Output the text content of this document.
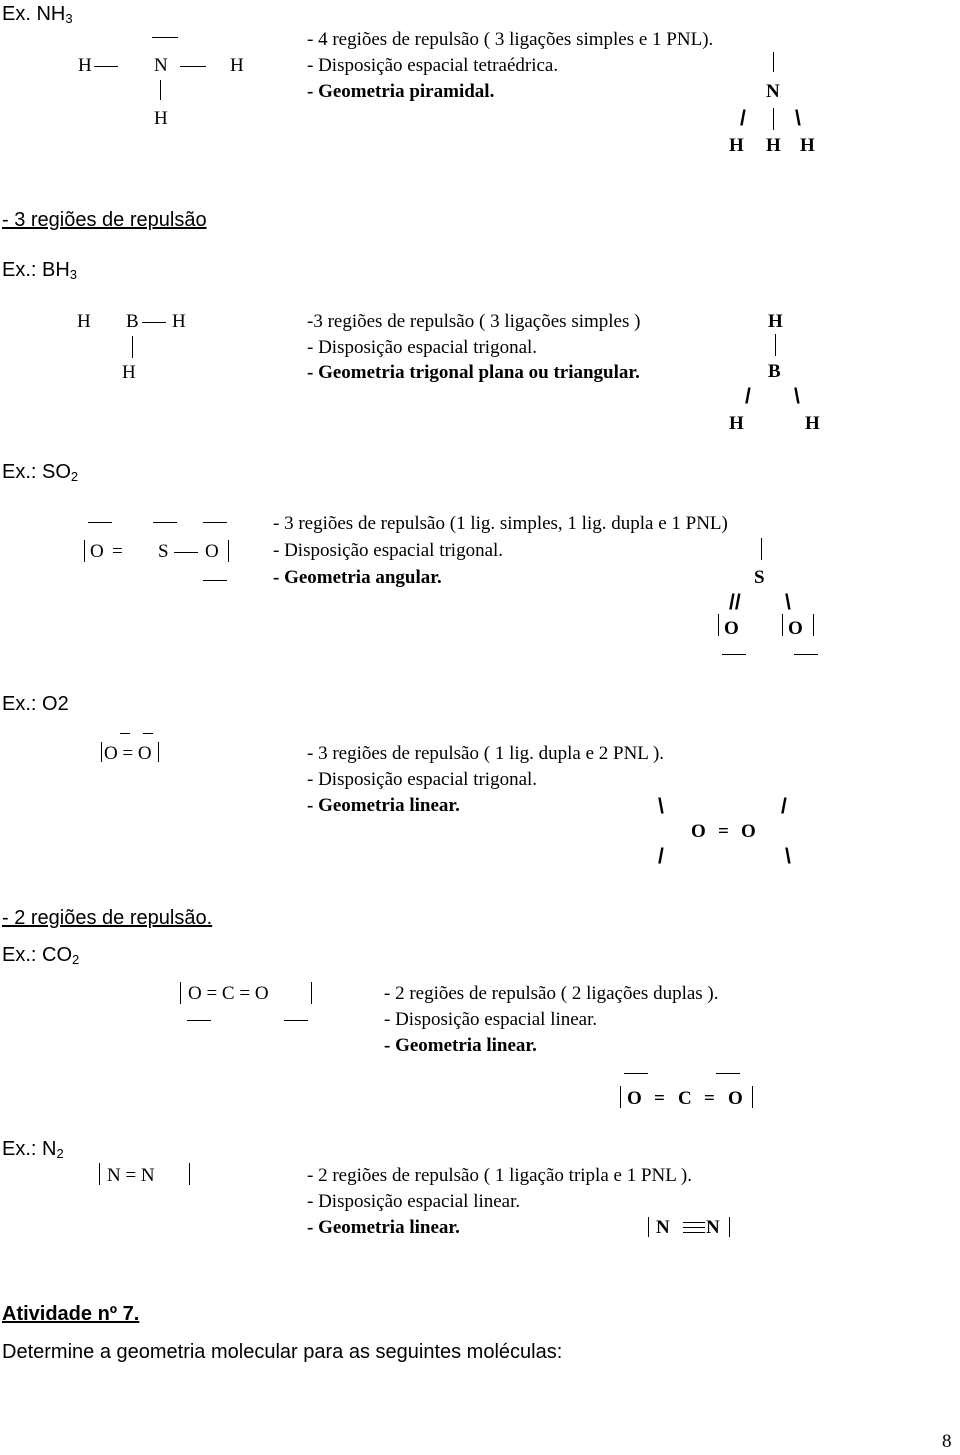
Ex. $NH_3$
H	N	H
H
- 4 regiões de repulsão ( 3 ligações simples e 1 PNL).
- Disposição espacial tetraédrica.
- Geometria piramidal.	N
/ \
H H H
- 3 regiões de repulsão
Ex.: $BH_3$
H B H
H
-3 regiões de repulsão ( 3 ligações simples )
- Disposição espacial trigonal.
- Geometria trigonal plana ou triangular.
H
B
/ \
H	H
Ex.: $SO_2$
O = S O
- 3 regiões de repulsão (1 lig. simples, 1 lig. dupla e 1 PNL)
- Disposição espacial trigonal.
- Geometria angular.	S
// \
O	O
Ex.: O2
O = O	- 3 regiões de repulsão ( 1 lig. dupla e 2 PNL ).
- Disposição espacial trigonal.
- Geometria linear.	\	/
O = O
/	\
- 2 regiões de repulsão.
Ex.: $CO_2$
O = C = O	- 2 regiões de repulsão ( 2 ligações duplas ).
- Disposição espacial linear.
- Geometria linear.
O = C = O
Ex.: $N_2$
N = N	- 2 regiões de repulsão ( 1 ligação tripla e 1 PNL ).
- Disposição espacial linear.
- Geometria linear.	N N
Atividade nº 7.
Determine a geometria molecular para as seguintes moléculas:
8
